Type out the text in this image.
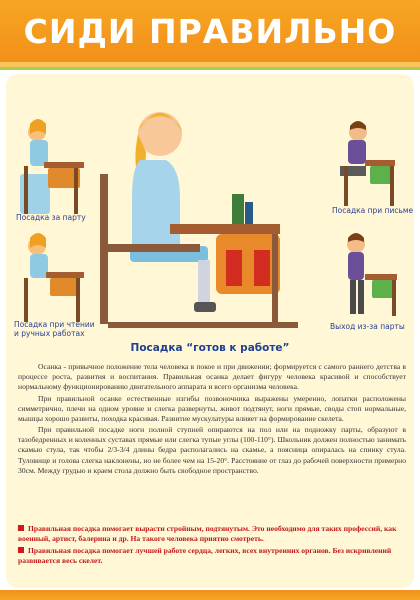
СИДИ ПРАВИЛЬНО
Посадка за парту
Посадка при письме
Посадка при чтении
и ручных работах
Выход из-за парты
Посадка “готов к работе”

Осанка - привычное положение тела человека в покое и при движении; формируется с самого раннего детства в процессе роста, развития и воспитания. Правильная осанка делает фигуру человека красивой и способствует нормальному функционированию двигательного аппарата и всего организма человека.

При правильной осанке естественные изгибы позвоночника выражены умеренно, лопатки расположены симметрично, плечи на одном уровне и слегка развернуты, живот подтянут, ноги прямые, своды стоп нормальные, мышцы хорошо развиты, походка красивая. Развитие мускулатуры влияет на формирование скелета.

При правильной посадке ноги полной ступней опираются на пол или на подножку парты, образуют в тазобедренных и коленных суставах прямые или слегка тупые углы (100-110°). Школьник должен полностью занимать скамью стула, так чтобы 2/3-3/4 длины бедра располагались на скамье, а поясница опиралась на спинку стула. Туловище и голова слегка наклонены, но не более чем на 15-20°. Расстояние от глаз до рабочей поверхности примерно 30см. Между грудью и краем стола должно быть свободное пространство.

Правильная посадка помогает вырасти стройным, подтянутым. Это необходимо для таких профессий, как военный, артист, балерина и др. На такого человека приятно смотреть.

Правильная посадка помогает лучшей работе сердца, легких, всех внутренних органов. Без искривлений развивается весь скелет.
